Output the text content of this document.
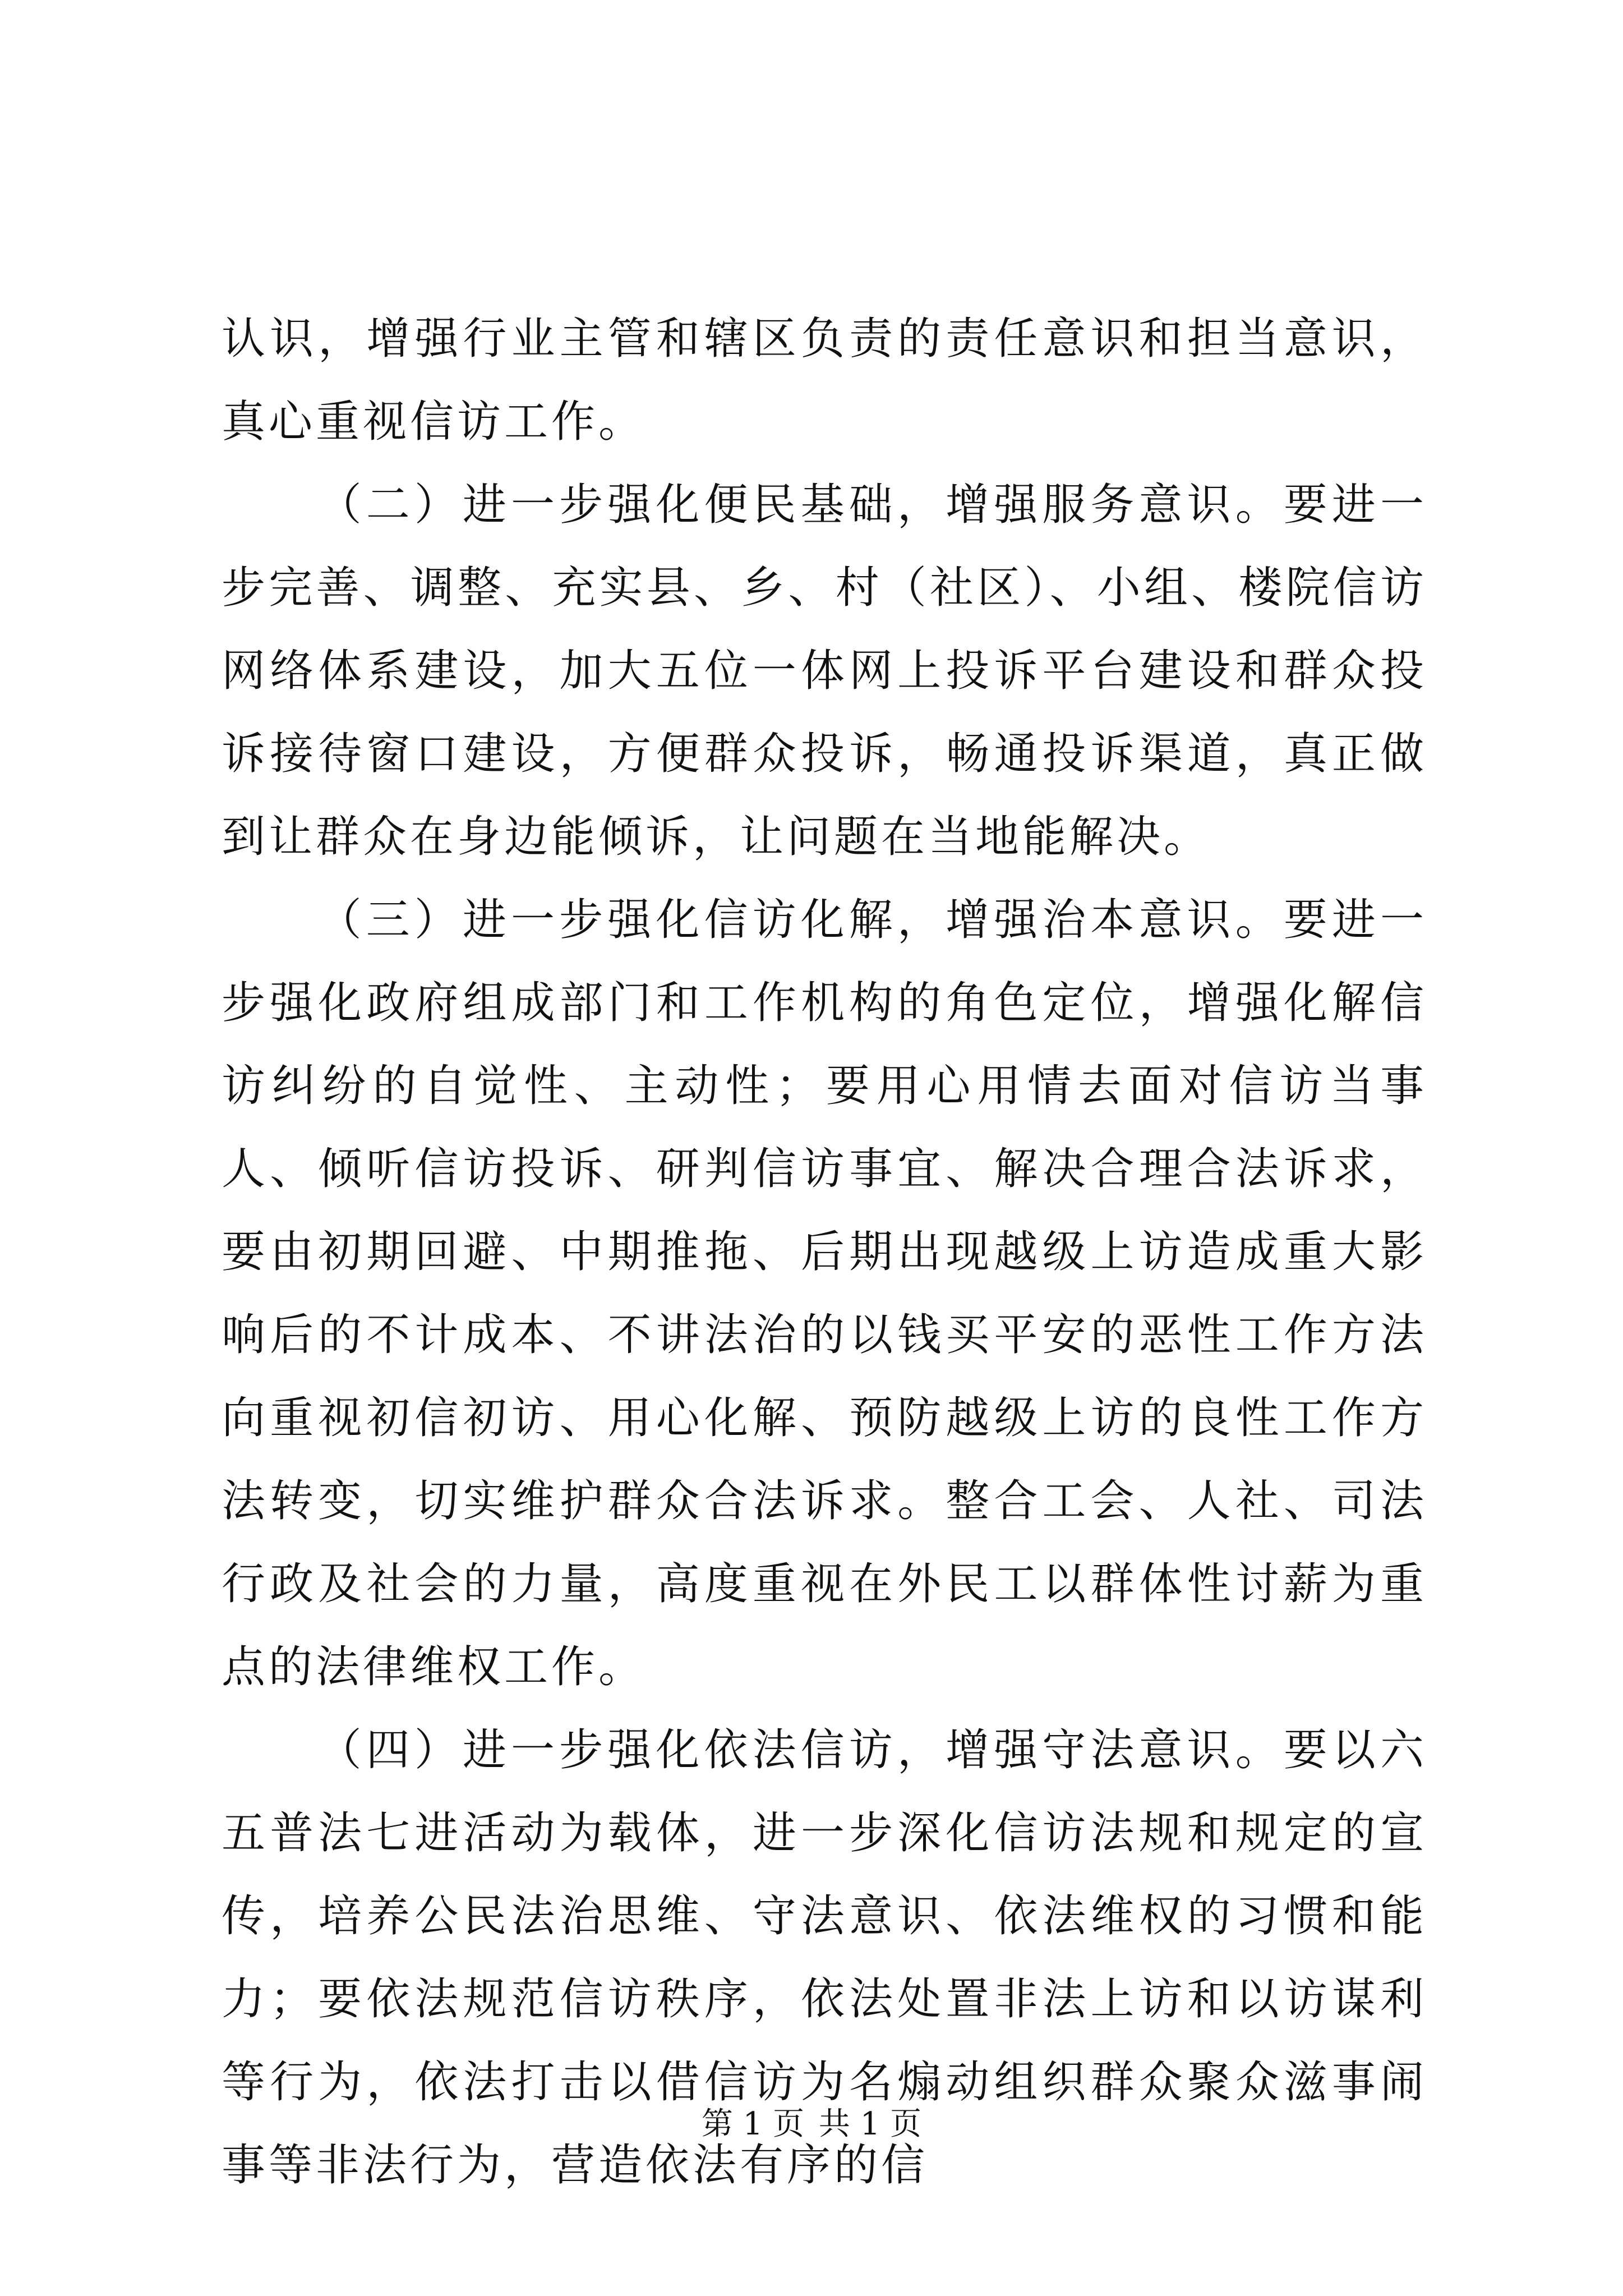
认识，增强行业主管和辖区负责的责任意识和担当意识，真心重视信访工作。

（二）进一步强化便民基础，增强服务意识。要进一步完善、调整、充实县、乡、村（社区）、小组、楼院信访网络体系建设，加大五位一体网上投诉平台建设和群众投诉接待窗口建设，方便群众投诉，畅通投诉渠道，真正做到让群众在身边能倾诉，让问题在当地能解决。

（三）进一步强化信访化解，增强治本意识。要进一步强化政府组成部门和工作机构的角色定位，增强化解信访纠纷的自觉性、主动性；要用心用情去面对信访当事人、倾听信访投诉、研判信访事宜、解决合理合法诉求，要由初期回避、中期推拖、后期出现越级上访造成重大影响后的不计成本、不讲法治的以钱买平安的恶性工作方法向重视初信初访、用心化解、预防越级上访的良性工作方法转变，切实维护群众合法诉求。整合工会、人社、司法行政及社会的力量，高度重视在外民工以群体性讨薪为重点的法律维权工作。

（四）进一步强化依法信访，增强守法意识。要以六五普法七进活动为载体，进一步深化信访法规和规定的宣传，培养公民法治思维、守法意识、依法维权的习惯和能力；要依法规范信访秩序，依法处置非法上访和以访谋利等行为，依法打击以借信访为名煽动组织群众聚众滋事闹事等非法行为，营造依法有序的信

第 1 页 共 1 页
